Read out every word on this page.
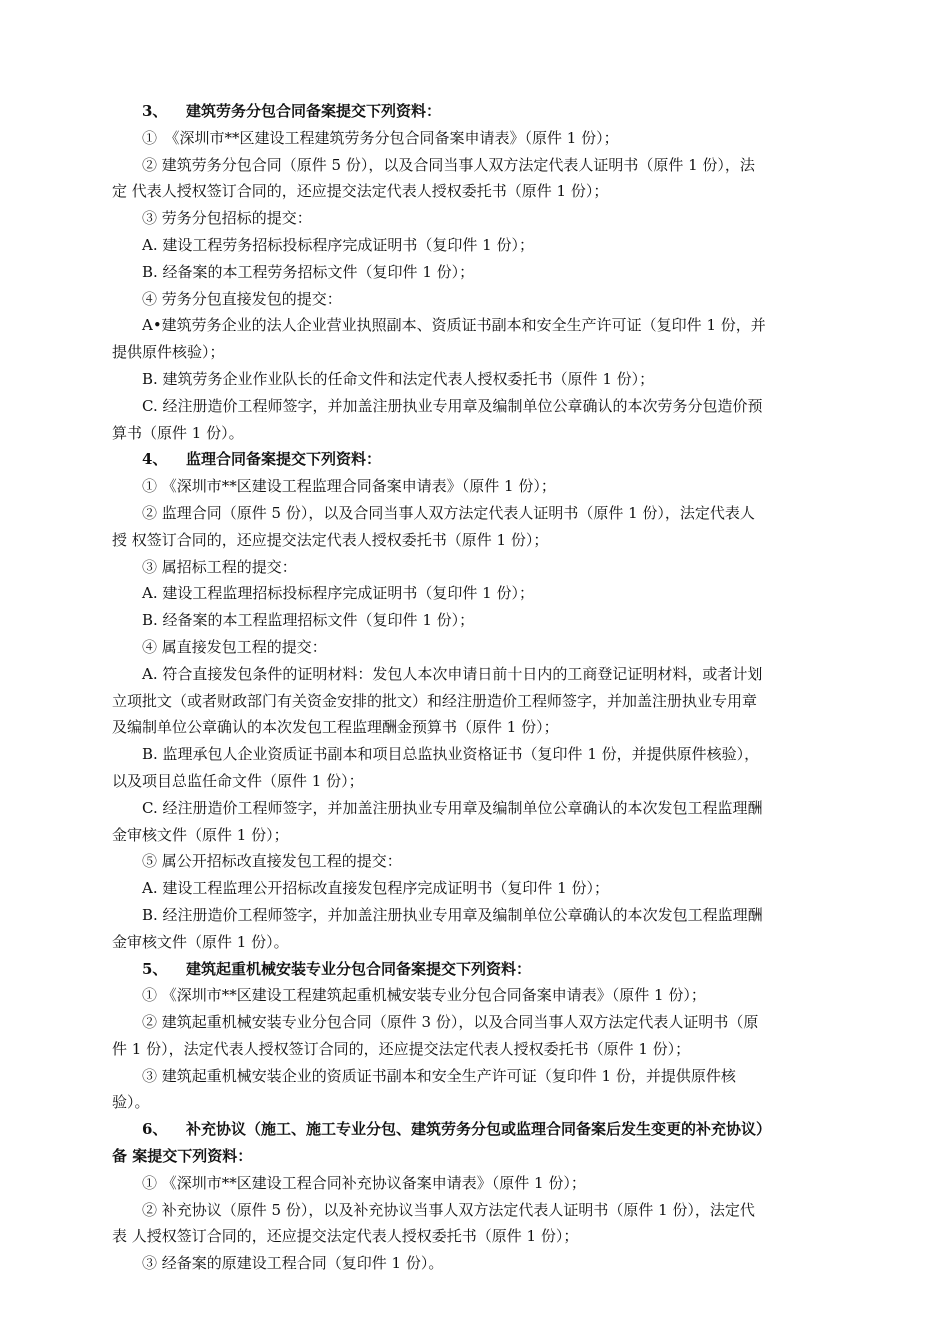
3、 建筑劳务分包合同备案提交下列资料：
①　《深圳市**区建设工程建筑劳务分包合同备案申请表》（原件 1 份）；
② 建筑劳务分包合同（原件 5 份），以及合同当事人双方法定代表人证明书（原件 1 份），法
定 代表人授权签订合同的，还应提交法定代表人授权委托书（原件 1 份）；
③ 劳务分包招标的提交：
A. 建设工程劳务招标投标程序完成证明书（复印件 1 份）；
B. 经备案的本工程劳务招标文件（复印件 1 份）；
④ 劳务分包直接发包的提交：
A•建筑劳务企业的法人企业营业执照副本、资质证书副本和安全生产许可证（复印件 1 份，并
提供原件核验）；
B. 建筑劳务企业作业队长的任命文件和法定代表人授权委托书（原件 1 份）；
C. 经注册造价工程师签字，并加盖注册执业专用章及编制单位公章确认的本次劳务分包造价预
算书（原件 1 份）。
4、 监理合同备案提交下列资料：
① 《深圳市**区建设工程监理合同备案申请表》（原件 1 份）；
② 监理合同（原件 5 份），以及合同当事人双方法定代表人证明书（原件 1 份），法定代表人
授 权签订合同的，还应提交法定代表人授权委托书（原件 1 份）；
③ 属招标工程的提交：
A. 建设工程监理招标投标程序完成证明书（复印件 1 份）；
B. 经备案的本工程监理招标文件（复印件 1 份）；
④ 属直接发包工程的提交：
A. 符合直接发包条件的证明材料：发包人本次申请日前十日内的工商登记证明材料，或者计划
立项批文（或者财政部门有关资金安排的批文）和经注册造价工程师签字，并加盖注册执业专用章
及编制单位公章确认的本次发包工程监理酬金预算书（原件 1 份）；
B. 监理承包人企业资质证书副本和项目总监执业资格证书（复印件 1 份，并提供原件核验），
以及项目总监任命文件（原件 1 份）；
C. 经注册造价工程师签字，并加盖注册执业专用章及编制单位公章确认的本次发包工程监理酬
金审核文件（原件 1 份）；
⑤ 属公开招标改直接发包工程的提交：
A. 建设工程监理公开招标改直接发包程序完成证明书（复印件 1 份）；
B. 经注册造价工程师签字，并加盖注册执业专用章及编制单位公章确认的本次发包工程监理酬
金审核文件（原件 1 份）。
5、 建筑起重机械安装专业分包合同备案提交下列资料：
① 《深圳市**区建设工程建筑起重机械安装专业分包合同备案申请表》（原件 1 份）；
② 建筑起重机械安装专业分包合同（原件 3 份），以及合同当事人双方法定代表人证明书（原
件 1 份），法定代表人授权签订合同的，还应提交法定代表人授权委托书（原件 1 份）；
③ 建筑起重机械安装企业的资质证书副本和安全生产许可证（复印件 1 份，并提供原件核
验）。
6、 补充协议（施工、施工专业分包、建筑劳务分包或监理合同备案后发生变更的补充协议）
备 案提交下列资料：
① 《深圳市**区建设工程合同补充协议备案申请表》（原件 1 份）；
② 补充协议（原件 5 份），以及补充协议当事人双方法定代表人证明书（原件 1 份），法定代
表 人授权签订合同的，还应提交法定代表人授权委托书（原件 1 份）；
③ 经备案的原建设工程合同（复印件 1 份）。
